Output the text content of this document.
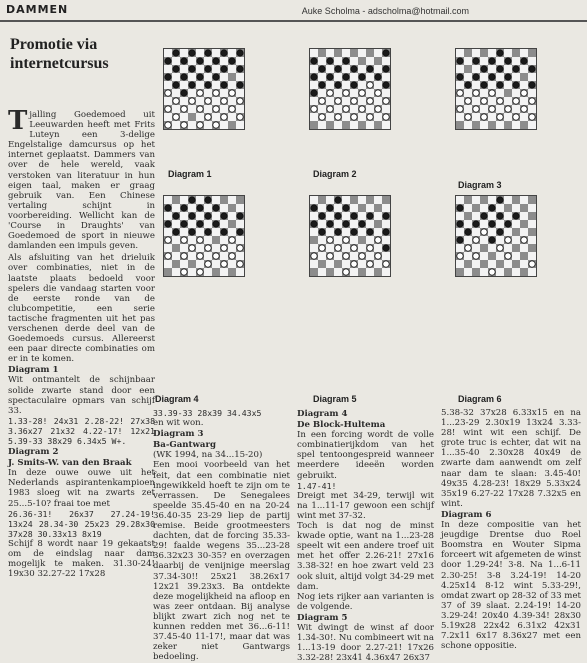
DAMMEN	Auke Scholma - adscholma@hotmail.com
Promotie via internetcursus

Tjalling Goedemoed uit Leeuwarden heeft met Frits Luteyn een 3-delige Engelstalige damcursus op het internet geplaatst. Dammers van over de hele wereld, vaak verstoken van literatuur in hun eigen taal, maken er graag gebruik van. Een Chinese vertaling schijnt in voorbereiding. Wellicht kan de 'Course in Draughts' van Goedemoed de sport in nieuwe damlanden een impuls geven.

Als afsluiting van het drieluik over combinaties, niet in de laatste plaats bedoeld voor spelers die vandaag starten voor de eerste ronde van de clubcompetitie, een serie tactische fragmenten uit het pas verschenen derde deel van de Goedemoeds cursus. Allereerst een paar directe combinaties om er in te komen.

Diagram 1

Wit ontmantelt de schijnbaar solide zwarte stand door een spectaculaire opmars van schijf 33.

1.33-28! 24x31 2.28-22! 27x38 3.36x27 21x32 4.22-17! 12x21 5.39-33 38x29 6.34x5 W+.

Diagram 2

J. Smits-W. van den Braak

In deze ouwe ouwe uit het Nederlands aspirantenkampioen 1983 sloeg wit na zwarts zet 25...5-10? fraai toe met

26.36-31! 26x37 27.24-19! 13x24 28.34-30 25x23 29.28x30 37x28 30.33x13 8x19

Schijf 8 wordt naar 19 gekaatst om de eindslag naar dam mogelijk te maken. 31.30-24! 19x30 32.27-22 17x28

33.39-33 28x39 34.43x5

en wit won.

Diagram 3

Ba-Gantwarg

(WK 1994, na 34...15-20)

Een mooi voorbeeld van het feit, dat een combinatie niet ingewikkeld hoeft te zijn om te verrassen. De Senegalees speelde 35.45-40 en na 20-24 36.40-35 23-29 liep de partij remise. Beide grootmeesters dachten, dat de forcing 35.33-29! faalde wegens 35...23-28 36.32x23 30-35? en overzagen daarbij de venijnige meerslag 37.34-30!! 25x21 38.26x17 12x21 39.23x3. Ba ontdekte deze mogelijkheid na afloop en was zeer ontdaan. Bij analyse blijkt zwart zich nog net te kunnen redden met 36...6-11! 37.45-40 11-17!, maar dat was zeker niet Gantwargs bedoeling.

Diagram 4

De Block-Hultema

In een forcing wordt de volle combinatierijkdom van het spel tentoongespreid wanneer meerdere ideeën worden gebruikt.

1.47-41!

Dreigt met 34-29, terwijl wit na 1...11-17 gewoon een schijf wint met 37-32.

Toch is dat nog de minst kwade optie, want na 1...23-28 speelt wit een andere troef uit met het offer 2.26-21! 27x16 3.38-32! en hoe zwart veld 23 ook sluit, altijd volgt 34-29 met dam.

Nog iets rijker aan varianten is de volgende.

Diagram 5

Wit dwingt de winst af door 1.34-30!. Nu combineert wit na 1...13-19 door 2.27-21! 17x26 3.32-28! 23x41 4.36x47 26x37

5.38-32 37x28 6.33x15 en na 1...23-29 2.30x19 13x24 3.33-28! wint wit een schijf. De grote truc is echter, dat wit na 1...35-40 2.30x28 40x49 de zwarte dam aanwendt om zelf naar dam te slaan: 3.45-40! 49x35 4.28-23! 18x29 5.33x24 35x19 6.27-22 17x28 7.32x5 en wint.

Diagram 6

In deze compositie van het jeugdige Drentse duo Roel Boomstra en Wouter Sipma forceert wit afgemeten de winst door 1.29-24! 3-8. Na 1...6-11 2.30-25! 3-8 3.24-19! 14-20 4.25x14 8-12 wint 5.33-29!, omdat zwart op 28-32 of 33 met 37 of 39 slaat. 2.24-19! 14-20 3.29-24! 20x40 4.39-34! 28x30 5.19x28 22x42 6.31x2 42x31 7.2x11 6x17 8.36x27 met een schone oppositie.

Diagram 1	Diagram 2
Diagram 3
Diagram 4	Diagram 5	Diagram 6
